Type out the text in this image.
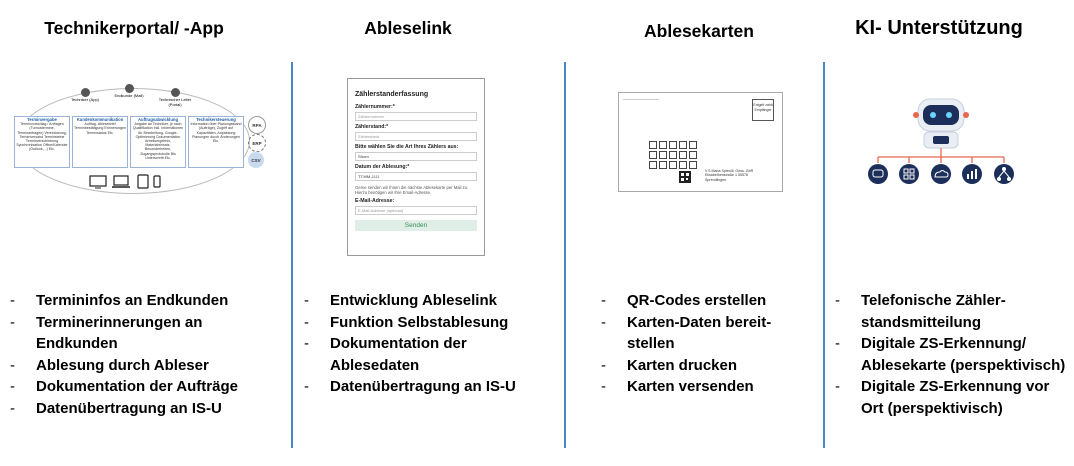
Technikerportal/ -App
Techniker (App)
Endkunde (Mail)
Technischer Leiter (Portal)
Terminvergabe
Terminvorschlag / Anfragen (Turnustermine, Terminanfragen) Vereinbarung, Terminversand Terminsteine Terminverschiebung Synchronisation Office/Kalender (Outlook,...) Etc.
Kundenkommunikation
Auftrag, Ablesebrief Terminbestätigung Erinnerungen Terminstatus Etc.
Auftragsabwicklung
Angabe an Techniker, je nach Qualifikation Inkl. Informationen für Bearbeitung, Google-Optimierung Dokumentation Arbeitsergebnis, Materialeinsatz, Besonderheiten, Zugangsprotokolle Bis Unterschrift Etc.
Technikersteuerung
Information über Planungsstand (Aufträge), Zugriff auf Kapazitäten, Anpassung Planungen durch Änderungen Etc.
RPA
ERP
CSV
- Termininfos an Endkunden
- Terminerinnerungen an Endkunden
- Ablesung durch Ableser
- Dokumentation der Aufträge
- Datenübertragung an IS-U
Ableselink
- Entwicklung Ableselink
- Funktion Selbstablesung
- Dokumentation der Ablesedaten
- Datenübertragung an IS-U
Zählerstanderfassung
Zählernummer:*
Zählernummer
Zählerstand:*
Zählerstand
Bitte wählen Sie die Art Ihres Zählers aus:
Strom
Datum der Ablesung:*
TT.MM.JJJJ
Gerne senden wir Ihnen die nächste Ablesekarte per Mail zu. Hierzu benötigen wir Ihre Email-Adresse.
E-Mail-Adresse:
E-Mail-Adresse (optional)
Senden
Ablesekarten
- QR-Codes erstellen
- Karten-Daten bereit-stellen
- Karten drucken
- Karten versenden
Entgelt zahlt Empfänger
V.S Maria Sprenill, Gess. GbR Elisabethenstraße 1 55576 Sprendlingen
KI- Unterstützung
- Telefonische Zähler-standsmitteilung
- Digitale ZS-Erkennung/ Ablesekarte (perspektivisch)
- Digitale ZS-Erkennung vor Ort (perspektivisch)
